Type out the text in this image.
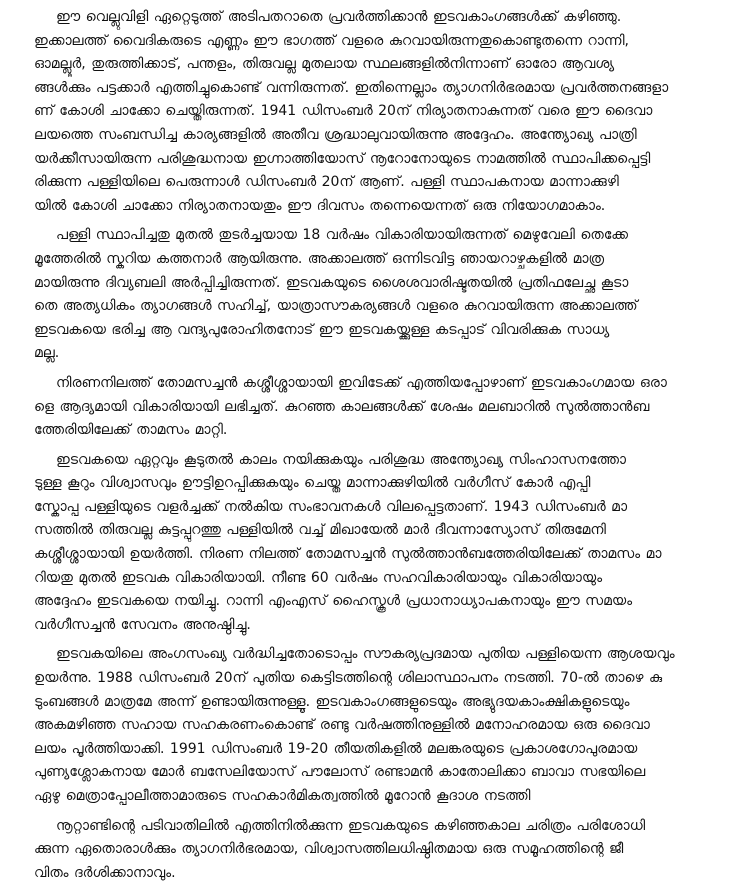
ഈ വെല്ലുവിളി ഏറ്റെടുത്ത് അടിപതറാതെ പ്രവർത്തിക്കാൻ ഇടവകാംഗങ്ങൾക്ക് കഴിഞ്ഞു.
ഇക്കാലത്ത് വൈദികരുടെ എണ്ണം ഈ ഭാഗത്ത് വളരെ കുറവായിരുന്നതുകൊണ്ടുതന്നെ റാന്നി,
ഓമല്ലൂർ, തുരുത്തിക്കാട്, പന്തളം, തിരുവല്ല മുതലായ സ്ഥലങ്ങളിൽനിന്നാണ് ഓരോ ആവശ്യ
ങ്ങൾക്കും പട്ടക്കാർ എത്തിച്ചുകൊണ്ട് വന്നിരുന്നത്. ഇതിന്നെല്ലാം ത്യാഗനിർഭരമായ പ്രവർത്തനങ്ങളാ
ണ് കോശി ചാക്കോ ചെയ്തിരുന്നത്. 1941 ഡിസംബർ 20ന് നിര്യാതനാകുന്നത് വരെ ഈ ദൈവാ
ലയത്തെ സംബന്ധിച്ച കാര്യങ്ങളിൽ അതീവ ശ്രദ്ധാലുവായിരുന്നു അദ്ദേഹം. അന്ത്യോഖ്യ പാത്രി
യർക്കീസായിരുന്ന പരിശുദ്ധനായ ഇഗ്നാത്തിയോസ് നൂറോനോയുടെ നാമത്തിൽ സ്ഥാപിക്കപ്പെട്ടി
രിക്കുന്ന പള്ളിയിലെ പെരുന്നാൾ ഡിസംബർ 20ന് ആണ്. പള്ളി സ്ഥാപകനായ മാന്നാക്കുഴി
യിൽ കോശി ചാക്കോ നിര്യാതനായതും ഈ ദിവസം തന്നെയെന്നത് ഒരു നിയോഗമാകാം.
പള്ളി സ്ഥാപിച്ചതു മുതൽ തുടർച്ചയായ 18 വർഷം വികാരിയായിരുന്നത് മെഴുവേലി തെക്കേ
മൂത്തേരിൽ സ്കറിയ കത്തനാർ ആയിരുന്നു. അക്കാലത്ത് ഒന്നിടവിട്ട ഞായറാഴ്ചകളിൽ മാത്ര
മായിരുന്നു ദിവ്യബലി അർപ്പിച്ചിരുന്നത്. ഇടവകയുടെ ശൈശവാരിഷ്ടതയിൽ പ്രതിഫലേച്ഛ കൂടാ
തെ അത്യധികം ത്യാഗങ്ങൾ സഹിച്ച്, യാത്രാസൗകര്യങ്ങൾ വളരെ കുറവായിരുന്ന അക്കാലത്ത്
ഇടവകയെ ഭരിച്ച ആ വന്ദ്യപുരോഹിതനോട് ഈ ഇടവകയ്ക്കുള്ള കടപ്പാട് വിവരിക്കുക സാധ്യ
മല്ല.
നിരണനിലത്ത് തോമസച്ചൻ കശ്ശീശ്ശായായി ഇവിടേക്ക് എത്തിയപ്പോഴാണ് ഇടവകാംഗമായ ഒരാ
ളെ ആദ്യമായി വികാരിയായി ലഭിച്ചത്. കുറഞ്ഞ കാലങ്ങൾക്ക് ശേഷം മലബാറിൽ സുൽത്താൻബ
ത്തേരിയിലേക്ക് താമസം മാറ്റി.
ഇടവകയെ ഏറ്റവും കൂടുതൽ കാലം നയിക്കുകയും പരിശുദ്ധ അന്ത്യോഖ്യ സിംഹാസനത്തോ
ടുള്ള കൂറും വിശ്വാസവും ഊട്ടിഉറപ്പിക്കുകയും ചെയ്ത മാന്നാക്കുഴിയിൽ വർഗീസ് കോർ എപ്പി
സ്കോപ്പ പള്ളിയുടെ വളർച്ചക്ക് നൽകിയ സംഭാവനകൾ വിലപ്പെട്ടതാണ്. 1943 ഡിസംബർ മാ
സത്തിൽ തിരുവല്ല കുട്ടപ്പുറത്തു പള്ളിയിൽ വച്ച് മിഖായേൽ മാർ ദീവന്നാസ്യോസ് തിരുമേനി
കശ്ശീശ്ശായായി ഉയർത്തി. നിരണ നിലത്ത് തോമസച്ചൻ സുൽത്താൻബത്തേരിയിലേക്ക് താമസം മാ
റിയതു മുതൽ ഇടവക വികാരിയായി. നീണ്ട 60 വർഷം സഹവികാരിയായും വികാരിയായും
അദ്ദേഹം ഇടവകയെ നയിച്ചു. റാന്നി എംഎസ് ഹൈസ്കൂൾ പ്രധാനാധ്യാപകനായും ഈ സമയം
വർഗീസച്ചൻ സേവനം അനുഷ്ഠിച്ചു.
ഇടവകയിലെ അംഗസംഖ്യ വർദ്ധിച്ചതോടൊപ്പം സൗകര്യപ്രദമായ പുതിയ പള്ളിയെന്ന ആശയവും
ഉയർന്നു. 1988 ഡിസംബർ 20ന് പുതിയ കെട്ടിടത്തിന്റെ ശിലാസ്ഥാപനം നടത്തി. 70-ൽ താഴെ കു
ടുംബങ്ങൾ മാത്രമേ അന്ന് ഉണ്ടായിരുന്നുള്ളൂ. ഇടവകാംഗങ്ങളുടെയും അഭ്യുദയകാംക്ഷികളുടെയും
അകമഴിഞ്ഞ സഹായ സഹകരണംകൊണ്ട് രണ്ടു വർഷത്തിനുള്ളിൽ മനോഹരമായ ഒരു ദൈവാ
ലയം പൂർത്തിയാക്കി. 1991 ഡിസംബർ 19-20 തീയതികളിൽ മലങ്കരയുടെ പ്രകാശഗോപുരമായ
പുണ്യശ്ലോകനായ മോർ ബസേലിയോസ് പൗലോസ് രണ്ടാമൻ കാതോലിക്കാ ബാവാ സഭയിലെ
ഏഴു മെത്രാപ്പോലീത്താമാരുടെ സഹകാർമികത്വത്തിൽ മൂറോൻ കൂദാശ നടത്തി
നൂറ്റാണ്ടിന്റെ പടിവാതിലിൽ എത്തിനിൽക്കുന്ന ഇടവകയുടെ കഴിഞ്ഞകാല ചരിത്രം പരിശോധി
ക്കുന്ന ഏതൊരാൾക്കും ത്യാഗനിർഭരമായ, വിശ്വാസത്തിലധിഷ്ഠിതമായ ഒരു സമൂഹത്തിന്റെ ജീ
വിതം ദർശിക്കാനാവും.
